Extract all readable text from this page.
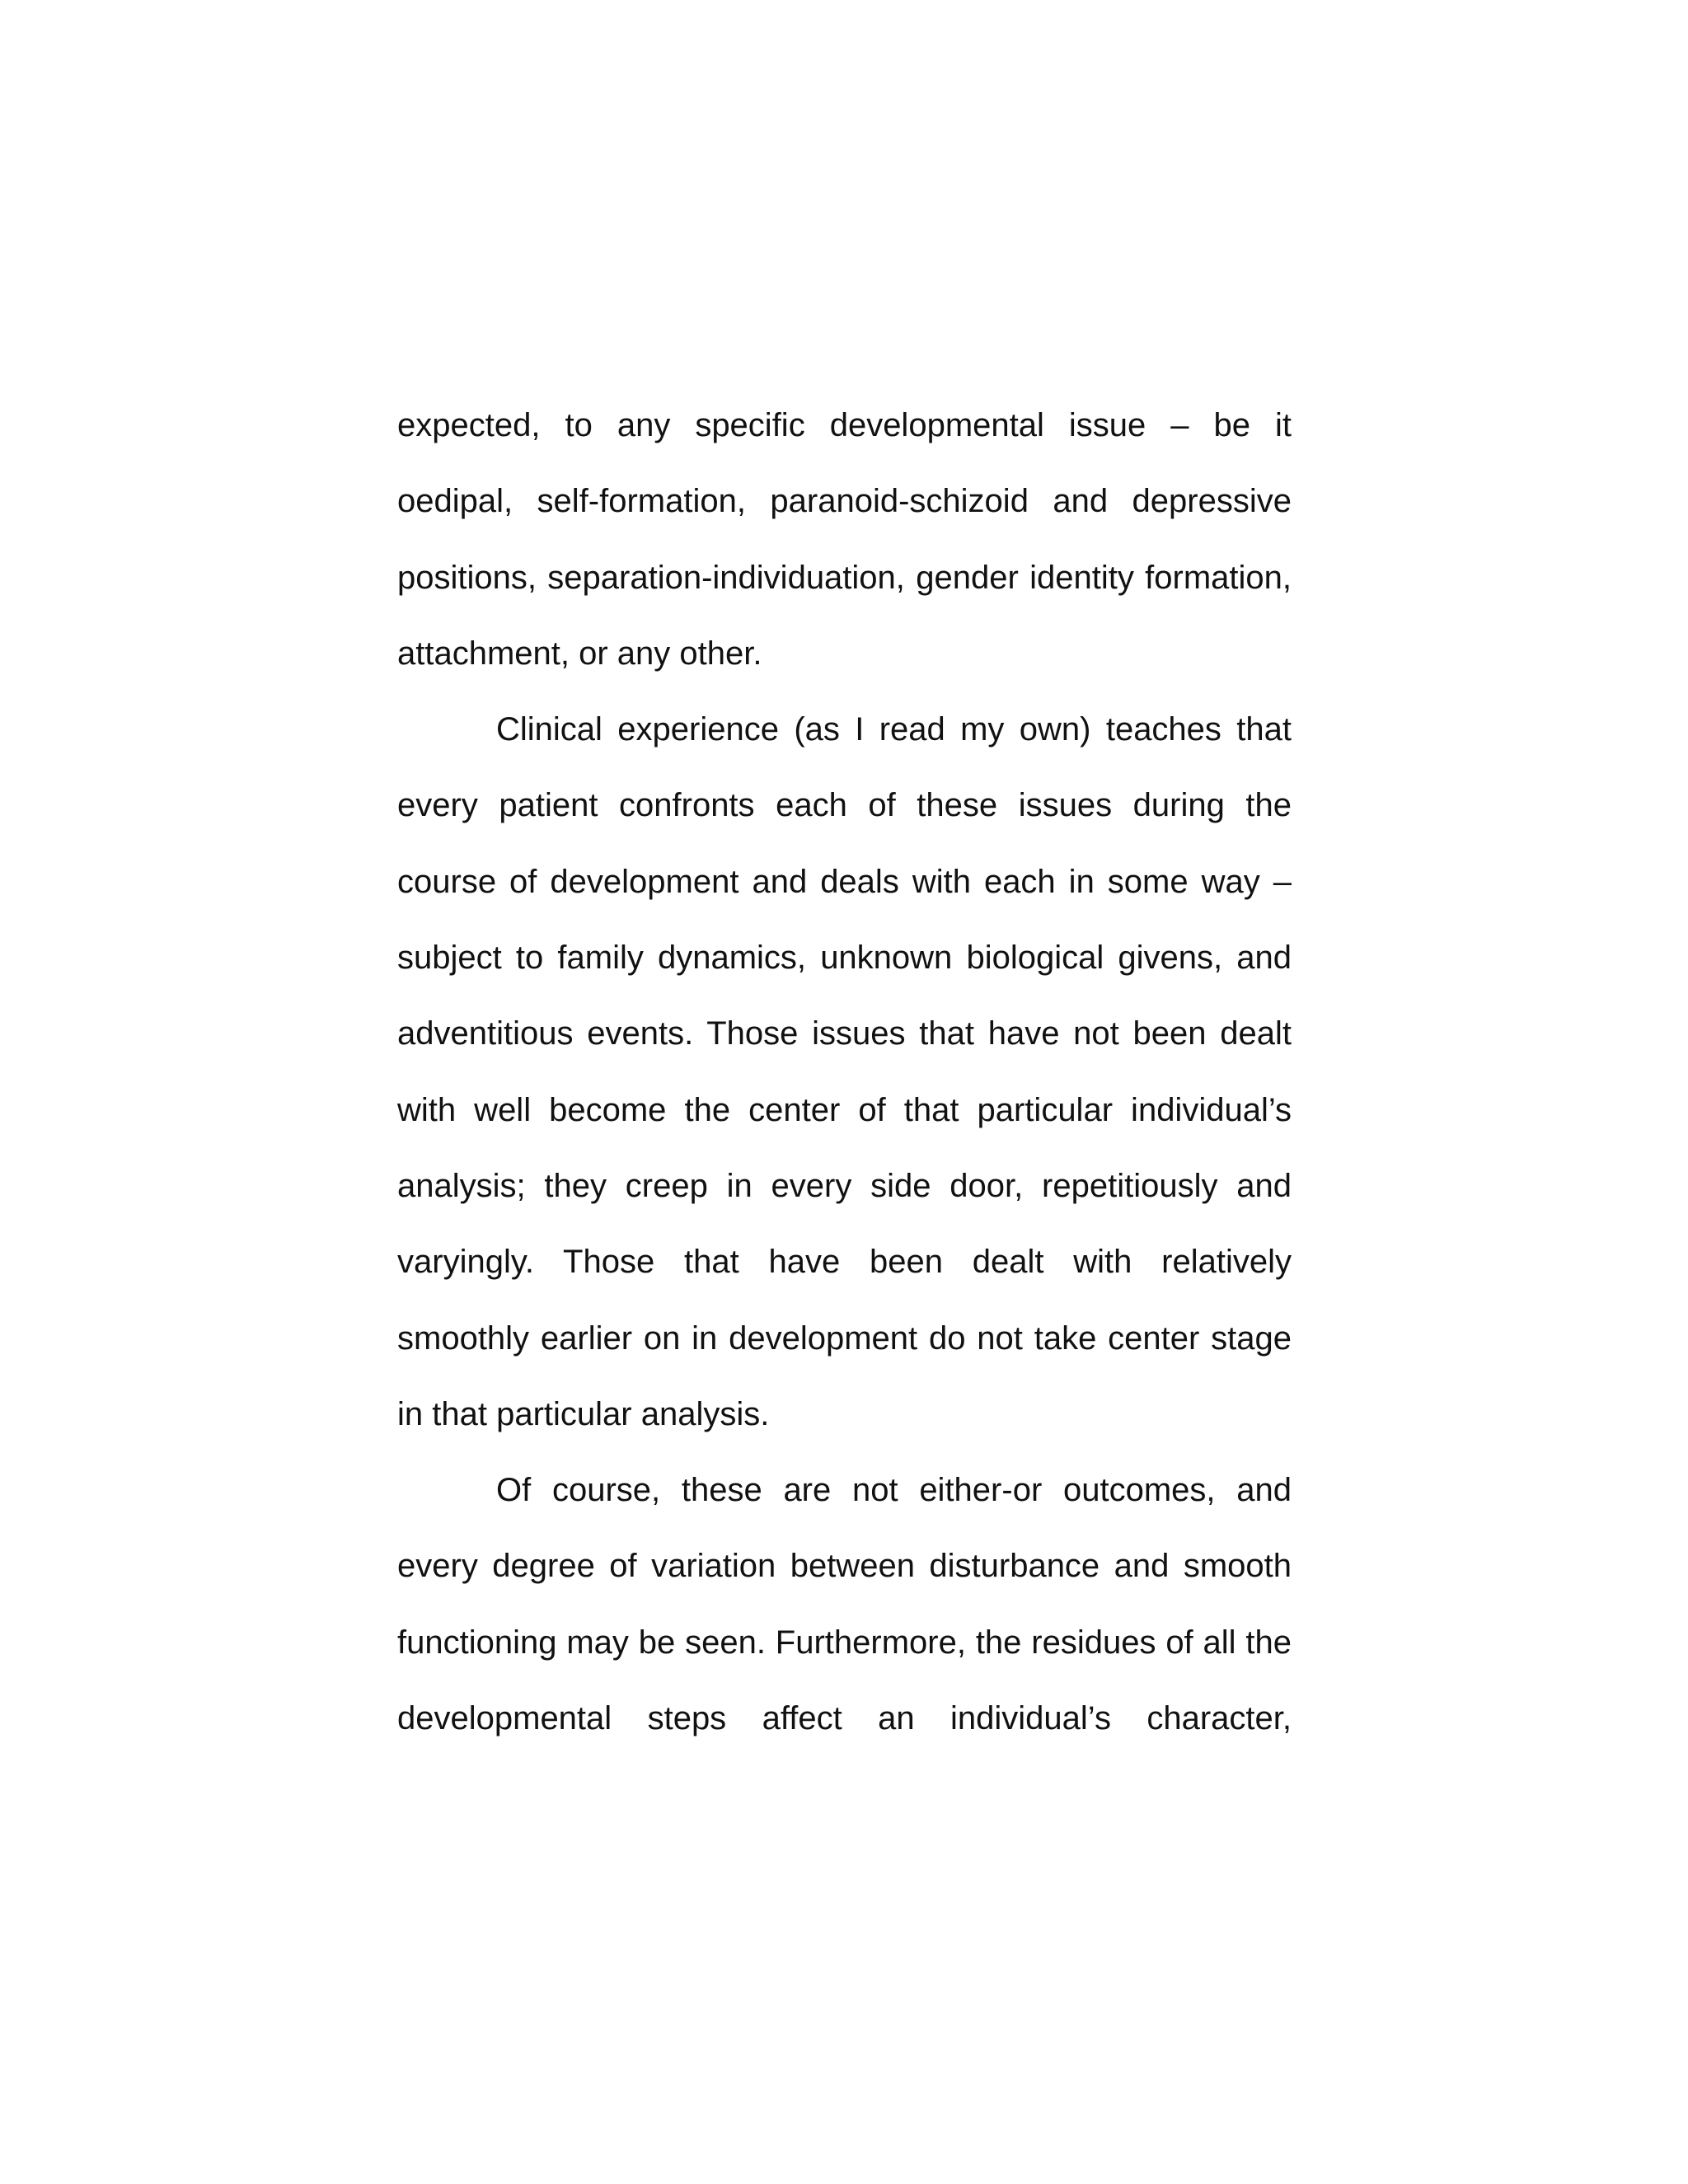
expected, to any specific developmental issue – be it
oedipal, self-formation, paranoid-schizoid and depressive
positions, separation-individuation, gender identity formation,
attachment, or any other.
Clinical experience (as I read my own) teaches that
every patient confronts each of these issues during the
course of development and deals with each in some way –
subject to family dynamics, unknown biological givens, and
adventitious events. Those issues that have not been dealt
with well become the center of that particular individual’s
analysis; they creep in every side door, repetitiously and
varyingly. Those that have been dealt with relatively
smoothly earlier on in development do not take center stage
in that particular analysis.
Of course, these are not either-or outcomes, and
every degree of variation between disturbance and smooth
functioning may be seen. Furthermore, the residues of all the
developmental steps affect an individual’s character,
